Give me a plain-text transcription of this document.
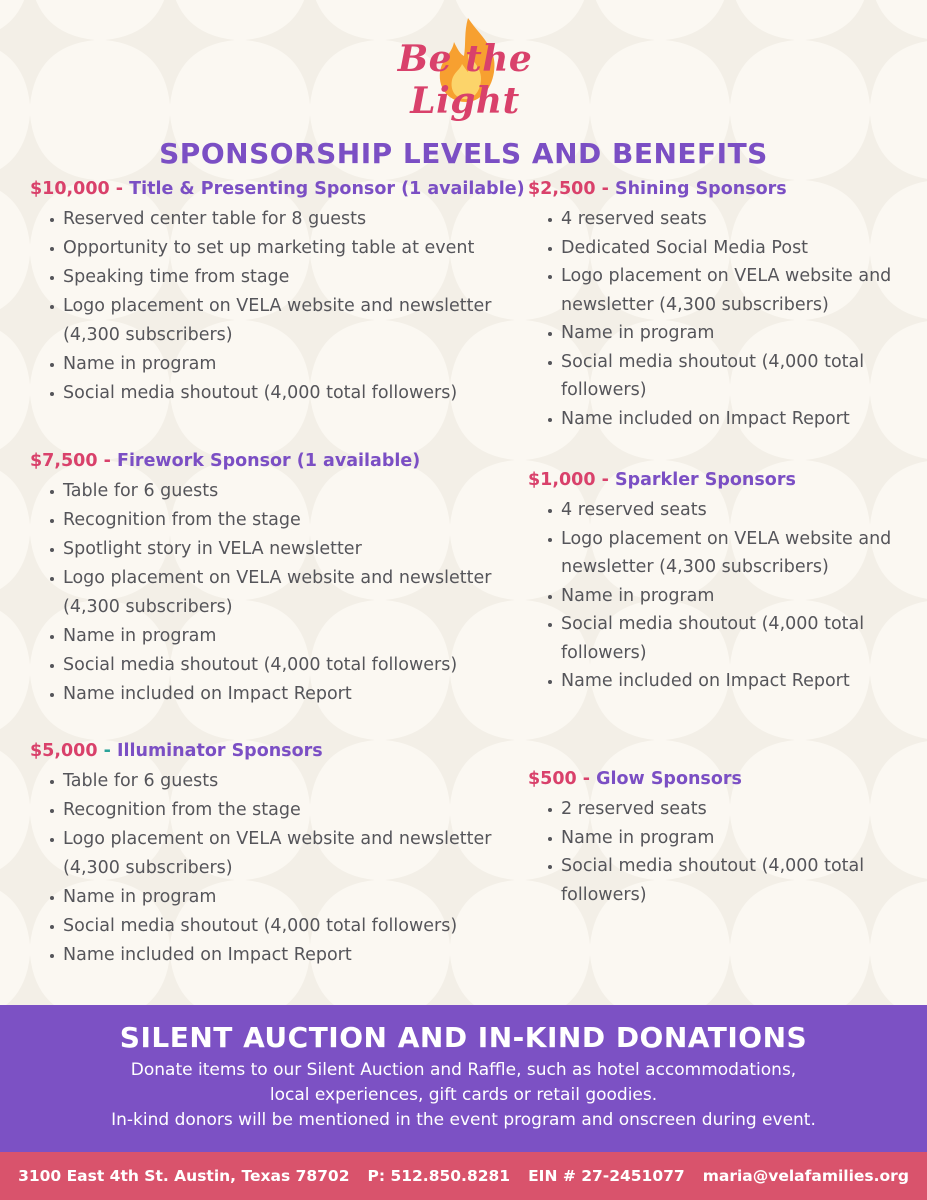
Be the Light
SPONSORSHIP LEVELS AND BENEFITS
$10,000 - Title & Presenting Sponsor (1 available)
Reserved center table for 8 guests
Opportunity to set up marketing table at event
Speaking time from stage
Logo placement on VELA website and newsletter (4,300 subscribers)
Name in program
Social media shoutout (4,000 total followers)
$7,500 - Firework Sponsor (1 available)
Table for 6 guests
Recognition from the stage
Spotlight story in VELA newsletter
Logo placement on VELA website and newsletter (4,300 subscribers)
Name in program
Social media shoutout (4,000 total followers)
Name included on Impact Report
$5,000 - Illuminator Sponsors
Table for 6 guests
Recognition from the stage
Logo placement on VELA website and newsletter (4,300 subscribers)
Name in program
Social media shoutout (4,000 total followers)
Name included on Impact Report
$2,500 - Shining Sponsors
4 reserved seats
Dedicated Social Media Post
Logo placement on VELA website and newsletter (4,300 subscribers)
Name in program
Social media shoutout (4,000 total followers)
Name included on Impact Report
$1,000 - Sparkler Sponsors
4 reserved seats
Logo placement on VELA website and newsletter (4,300 subscribers)
Name in program
Social media shoutout (4,000 total followers)
Name included on Impact Report
$500 - Glow Sponsors
2 reserved seats
Name in program
Social media shoutout (4,000 total followers)
SILENT AUCTION AND IN-KIND DONATIONS
Donate items to our Silent Auction and Raffle, such as hotel accommodations,
local experiences, gift cards or retail goodies.
In-kind donors will be mentioned in the event program and onscreen during event.
3100 East 4th St. Austin, Texas 78702 P: 512.850.8281 EIN # 27-2451077 maria@velafamilies.org
